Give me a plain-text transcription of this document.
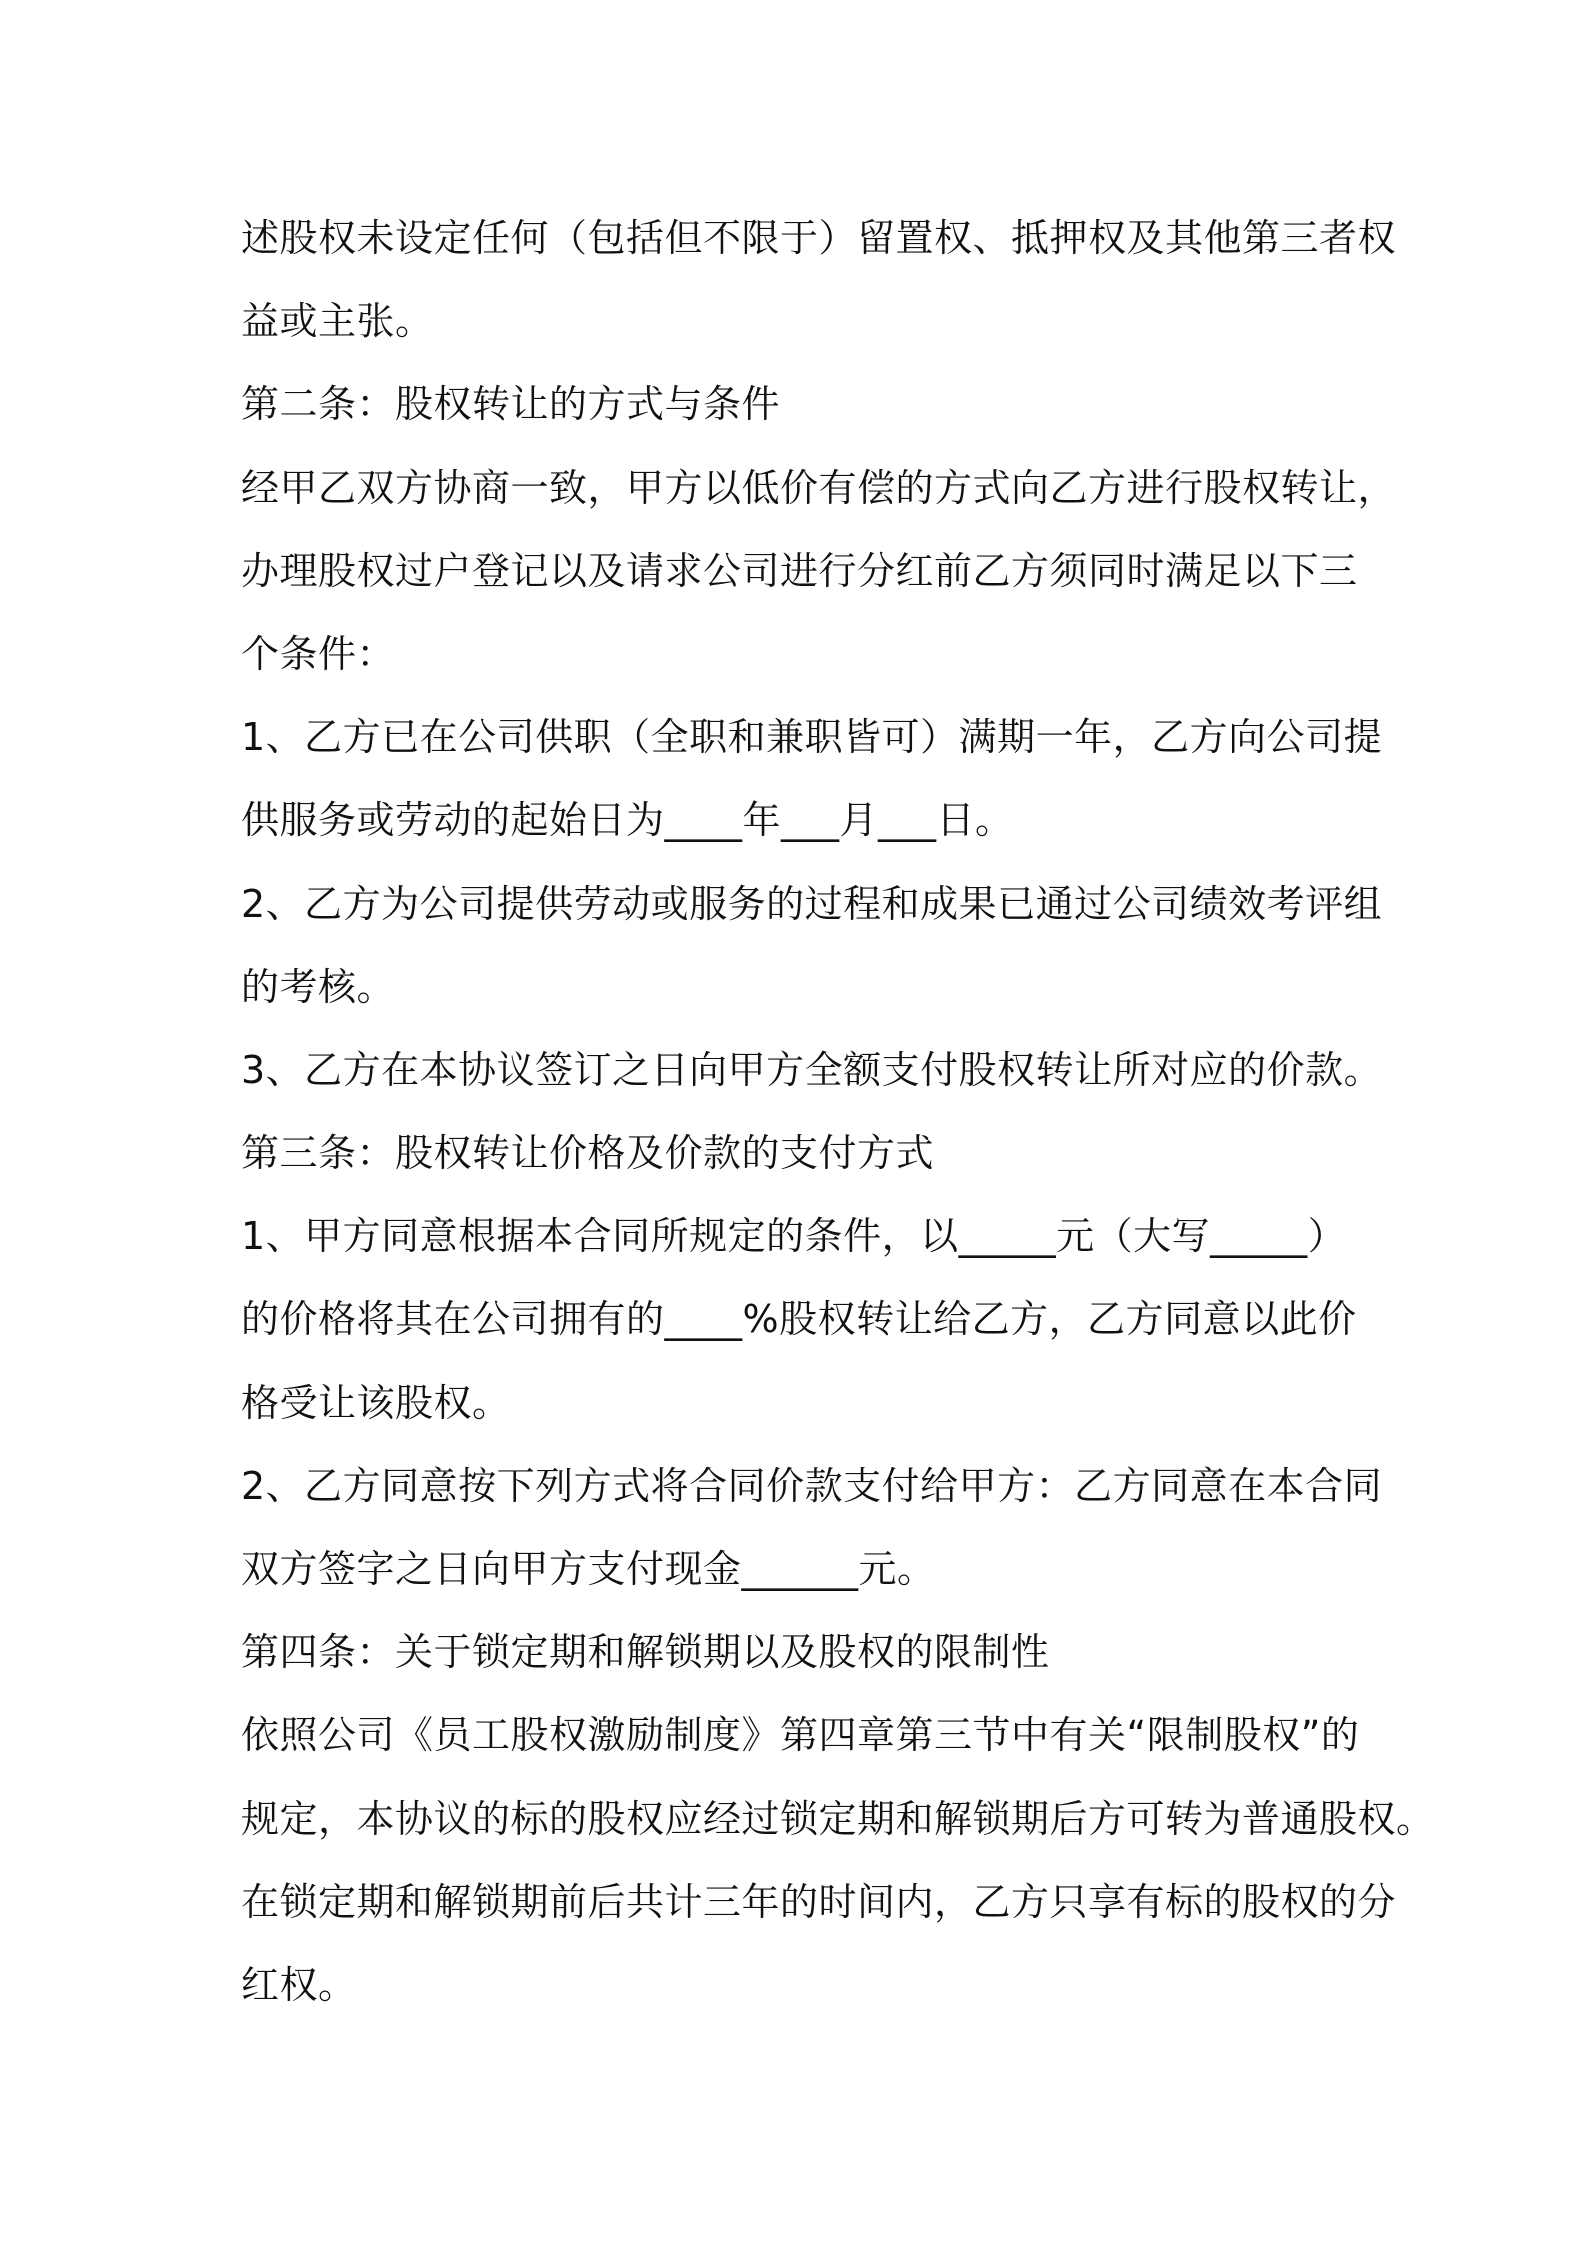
述股权未设定任何（包括但不限于）留置权、抵押权及其他第三者权
益或主张。
第二条：股权转让的方式与条件
经甲乙双方协商一致，甲方以低价有偿的方式向乙方进行股权转让，
办理股权过户登记以及请求公司进行分红前乙方须同时满足以下三
个条件：
1、乙方已在公司供职（全职和兼职皆可）满期一年，乙方向公司提
供服务或劳动的起始日为____年___月___日。
2、乙方为公司提供劳动或服务的过程和成果已通过公司绩效考评组
的考核。
3、乙方在本协议签订之日向甲方全额支付股权转让所对应的价款。
第三条：股权转让价格及价款的支付方式
1、甲方同意根据本合同所规定的条件，以_____元（大写_____）
的价格将其在公司拥有的____%股权转让给乙方，乙方同意以此价
格受让该股权。
2、乙方同意按下列方式将合同价款支付给甲方：乙方同意在本合同
双方签字之日向甲方支付现金______元。
第四条：关于锁定期和解锁期以及股权的限制性
依照公司《员工股权激励制度》第四章第三节中有关“限制股权”的
规定，本协议的标的股权应经过锁定期和解锁期后方可转为普通股权。
在锁定期和解锁期前后共计三年的时间内，乙方只享有标的股权的分
红权。
